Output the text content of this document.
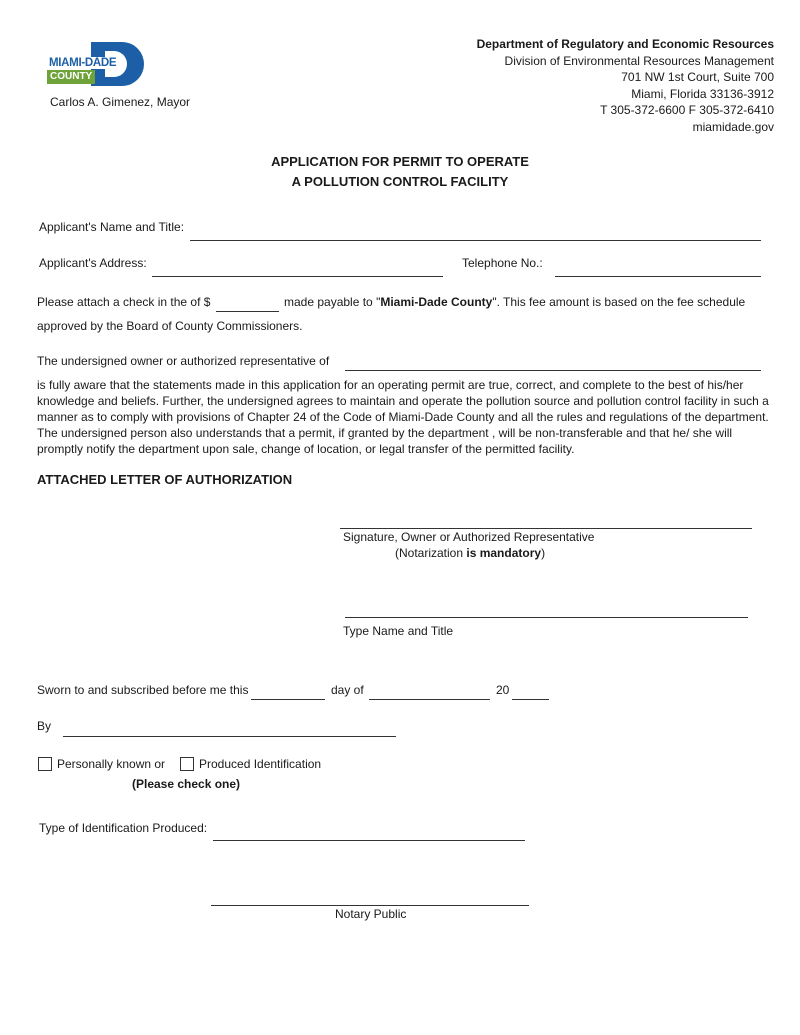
MIAMI-DADE
COUNTY
Carlos A. Gimenez, Mayor
Department of Regulatory and Economic Resources
Division of Environmental Resources Management
701 NW 1st Court, Suite 700
Miami, Florida 33136-3912
T 305-372-6600 F 305-372-6410
miamidade.gov
APPLICATION FOR PERMIT TO OPERATE
A POLLUTION CONTROL FACILITY
Applicant's Name and Title:
Applicant's Address:	Telephone No.:
Please attach a check in the of $	made payable to "Miami-Dade County". This fee amount is based on the fee schedule
approved by the Board of County Commissioners.
The undersigned owner or authorized representative of
is fully aware that the statements made in this application for an operating permit are true, correct, and complete to the best of his/her knowledge and beliefs. Further, the undersigned agrees to maintain and operate the pollution source and pollution control facility in such a manner as to comply with provisions of Chapter 24 of the Code of Miami-Dade County and all the rules and regulations of the department. The undersigned person also understands that a permit, if granted by the department , will be non-transferable and that he/ she will promptly notify the department upon sale, change of location, or legal transfer of the permitted facility.
ATTACHED LETTER OF AUTHORIZATION
Signature, Owner or Authorized Representative
(Notarization is mandatory)
Type Name and Title
Sworn to and subscribed before me this	day of	20
By
Personally known or	Produced Identification
(Please check one)
Type of Identification Produced:
Notary Public
